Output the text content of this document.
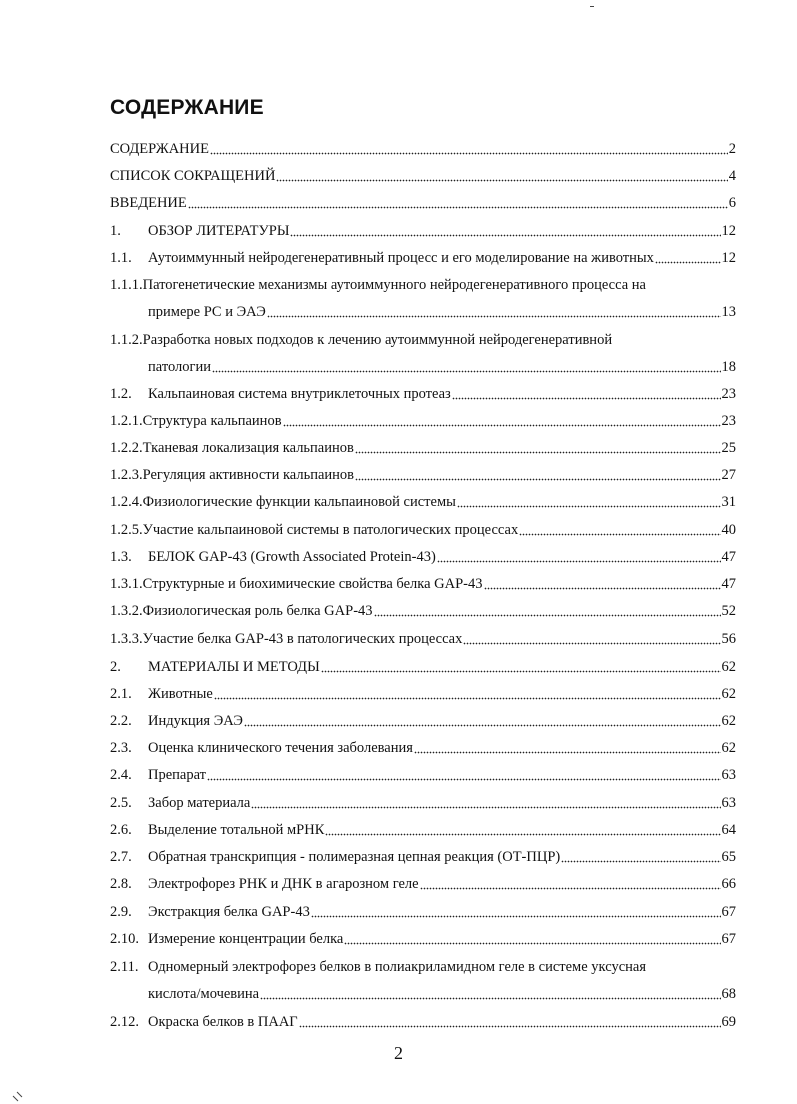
СОДЕРЖАНИЕ
СОДЕРЖАНИЕ	2
СПИСОК СОКРАЩЕНИЙ	4
ВВЕДЕНИЕ	6
1.	ОБЗОР ЛИТЕРАТУРЫ	12
1.1.	Аутоиммунный нейродегенеративный процесс и его моделирование на животных	12
1.1.1. Патогенетические механизмы аутоиммунного нейродегенеративного процесса на
примере РС и ЭАЭ	13
1.1.2. Разработка новых подходов к лечению аутоиммунной нейродегенеративной
патологии	18
1.2.	Кальпаиновая система внутриклеточных протеаз	23
1.2.1. Структура кальпаинов	23
1.2.2. Тканевая локализация кальпаинов	25
1.2.3. Регуляция активности кальпаинов	27
1.2.4. Физиологические функции кальпаиновой системы	31
1.2.5. Участие кальпаиновой системы в патологических процессах	40
1.3.	БЕЛОК GAP-43 (Growth Associated Protein-43)	47
1.3.1. Структурные и биохимические свойства белка GAP-43	47
1.3.2. Физиологическая роль белка GAP-43	52
1.3.3. Участие белка GAP-43 в патологических процессах	56
2.	МАТЕРИАЛЫ И МЕТОДЫ	62
2.1.	Животные	62
2.2.	Индукция ЭАЭ	62
2.3.	Оценка клинического течения заболевания	62
2.4.	Препарат	63
2.5.	Забор материала	63
2.6.	Выделение тотальной мРНК	64
2.7.	Обратная транскрипция - полимеразная цепная реакция (ОТ-ПЦР)	65
2.8.	Электрофорез РНК и ДНК в агарозном геле	66
2.9.	Экстракция белка GAP-43	67
2.10. Измерение концентрации белка	67
2.11. Одномерный электрофорез белков в полиакриламидном геле в системе уксусная
кислота/мочевина	68
2.12. Окраска белков в ПААГ	69
2
